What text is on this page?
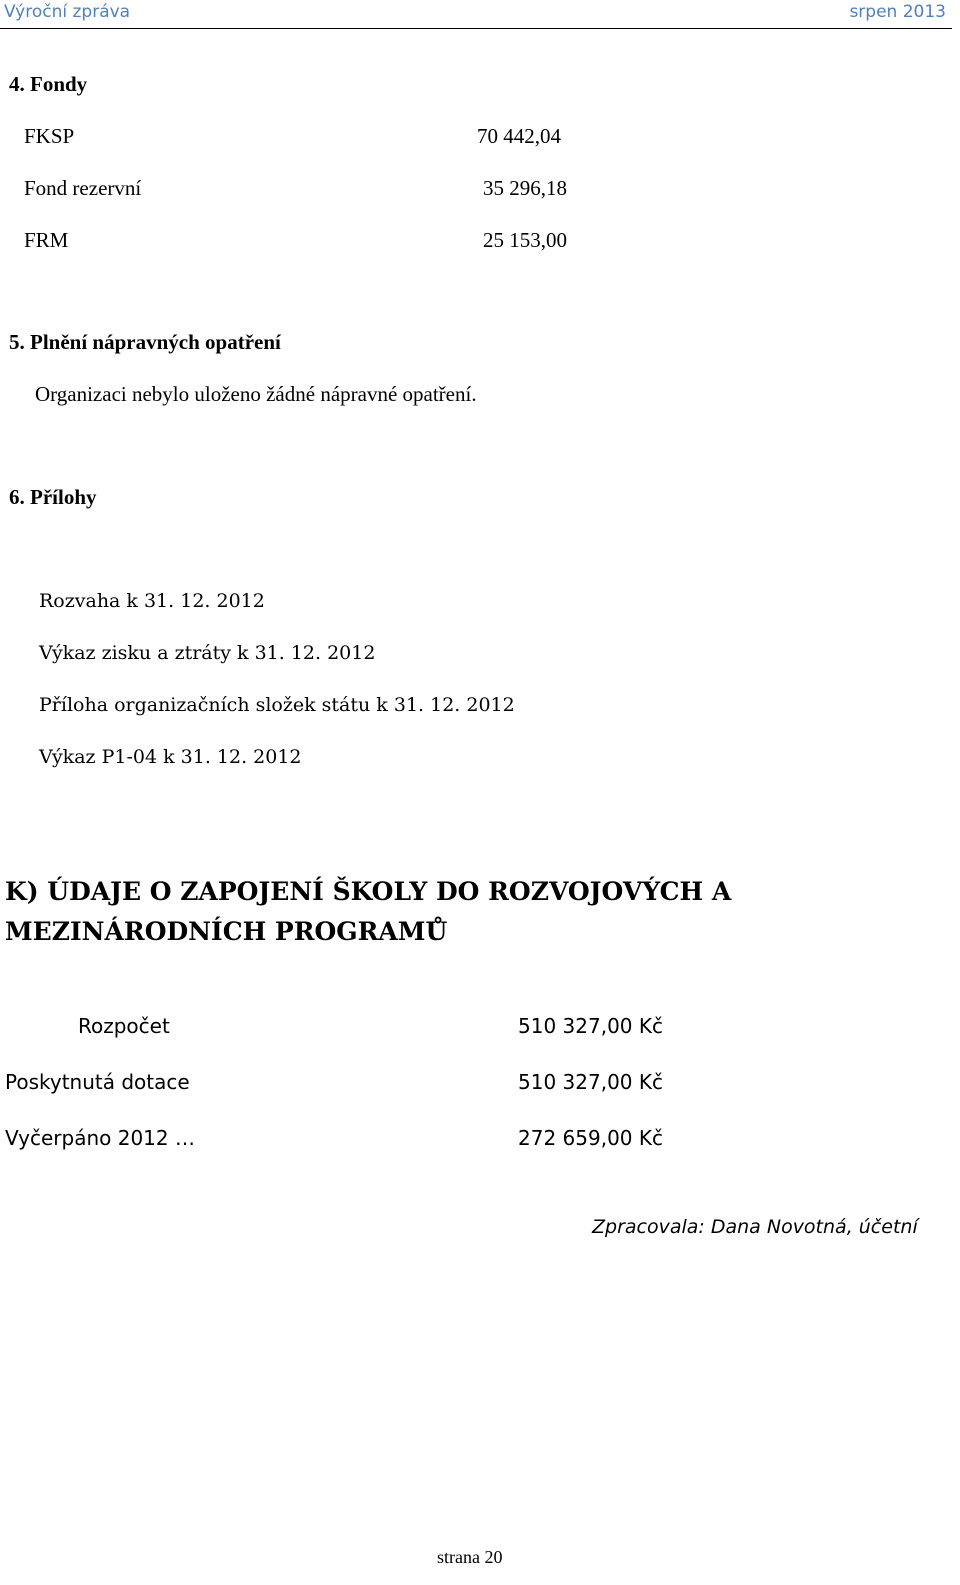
Výroční zpráva	srpen 2013
4. Fondy
FKSP	70 442,04
Fond rezervní	35 296,18
FRM	25 153,00
5. Plnění nápravných opatření
Organizaci nebylo uloženo žádné nápravné opatření.
6. Přílohy
Rozvaha k 31. 12. 2012
Výkaz zisku a ztráty k 31. 12. 2012
Příloha organizačních složek státu k 31. 12. 2012
Výkaz P1-04 k 31. 12. 2012
K) ÚDAJE O ZAPOJENÍ ŠKOLY DO ROZVOJOVÝCH A MEZINÁRODNÍCH PROGRAMŮ
Rozpočet	510 327,00 Kč
Poskytnutá dotace	510 327,00 Kč
Vyčerpáno 2012 …	272 659,00 Kč
Zpracovala: Dana Novotná, účetní
strana 20
